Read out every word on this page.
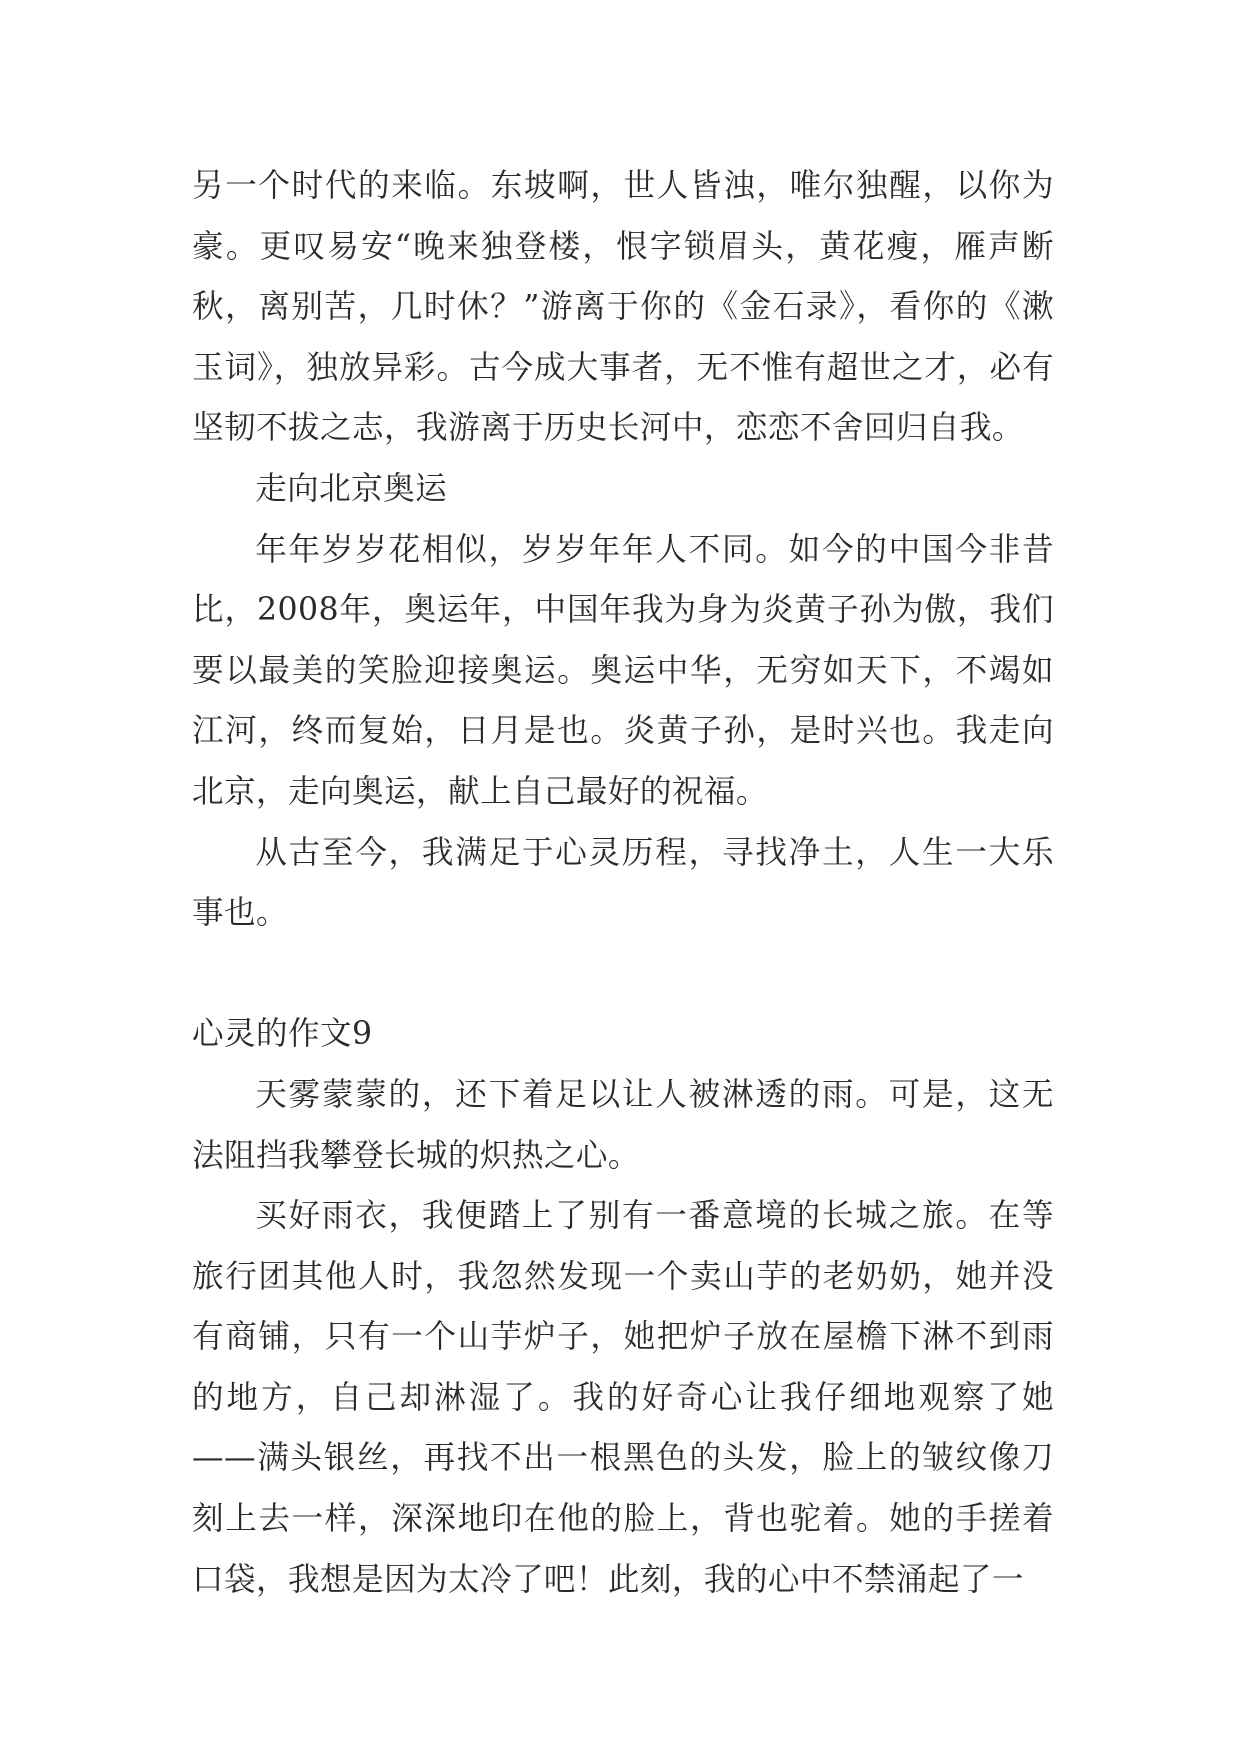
另一个时代的来临。东坡啊，世人皆浊，唯尔独醒，以你为豪。更叹易安“晚来独登楼，恨字锁眉头，黄花瘦，雁声断秋，离别苦，几时休？”游离于你的《金石录》，看你的《漱玉词》，独放异彩。古今成大事者，无不惟有超世之才，必有坚韧不拔之志，我游离于历史长河中，恋恋不舍回归自我。

走向北京奥运

年年岁岁花相似，岁岁年年人不同。如今的中国今非昔比，2008年，奥运年，中国年我为身为炎黄子孙为傲，我们要以最美的笑脸迎接奥运。奥运中华，无穷如天下，不竭如江河，终而复始，日月是也。炎黄子孙，是时兴也。我走向北京，走向奥运，献上自己最好的祝福。

从古至今，我满足于心灵历程，寻找净土，人生一大乐事也。

心灵的作文9

天雾蒙蒙的，还下着足以让人被淋透的雨。可是，这无法阻挡我攀登长城的炽热之心。

买好雨衣，我便踏上了别有一番意境的长城之旅。在等旅行团其他人时，我忽然发现一个卖山芋的老奶奶，她并没有商铺，只有一个山芋炉子，她把炉子放在屋檐下淋不到雨的地方，自己却淋湿了。我的好奇心让我仔细地观察了她——满头银丝，再找不出一根黑色的头发，脸上的皱纹像刀刻上去一样，深深地印在他的脸上，背也驼着。她的手搓着口袋，我想是因为太冷了吧！此刻，我的心中不禁涌起了一
